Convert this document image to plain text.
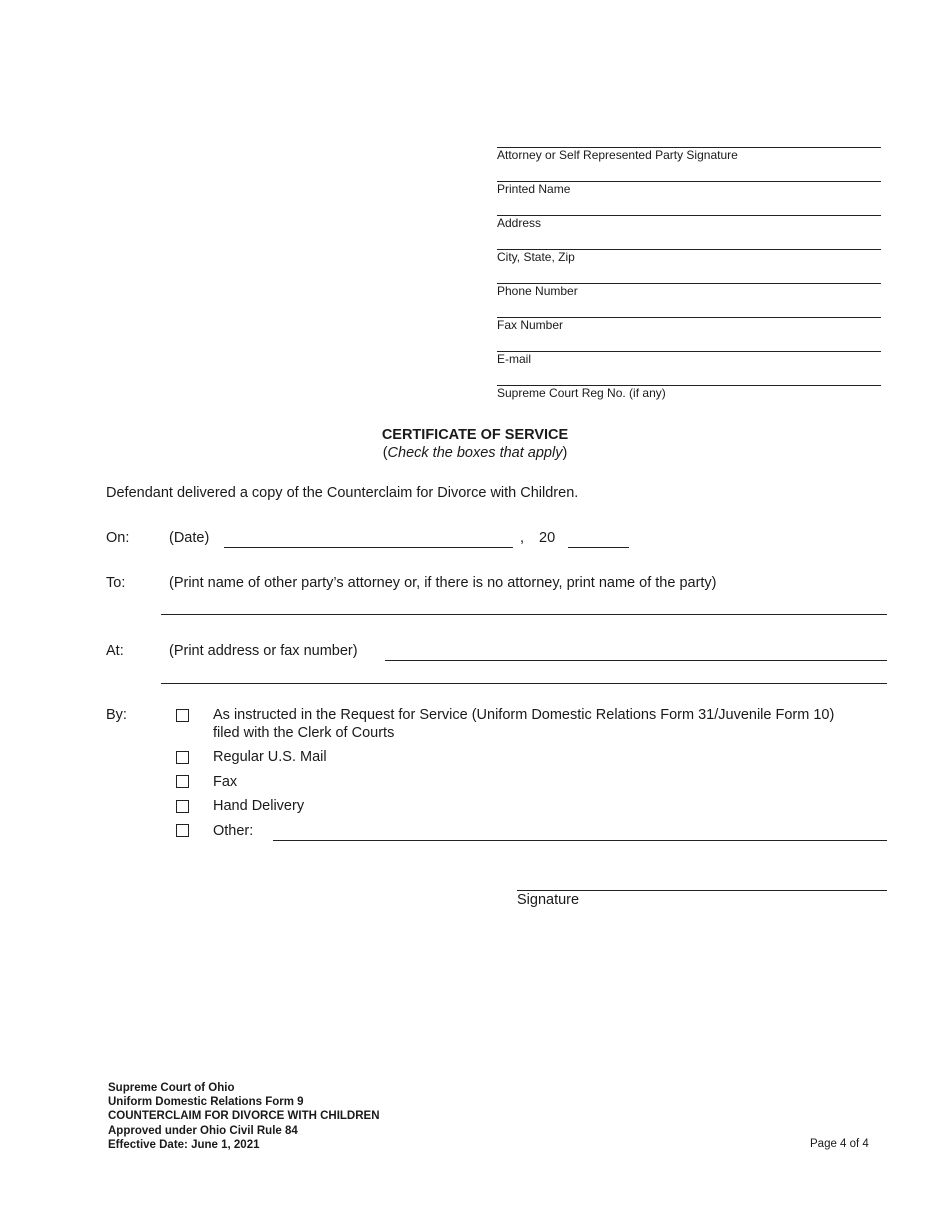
Attorney or Self Represented Party Signature
Printed Name
Address
City, State, Zip
Phone Number
Fax Number
E-mail
Supreme Court Reg No. (if any)
CERTIFICATE OF SERVICE
(Check the boxes that apply)
Defendant delivered a copy of the Counterclaim for Divorce with Children.
On:	(Date)	, 20
To:	(Print name of other party’s attorney or, if there is no attorney, print name of the party)
At:	(Print address or fax number)
By:	As instructed in the Request for Service (Uniform Domestic Relations Form 31/Juvenile Form 10)
filed with the Clerk of Courts
Regular U.S. Mail
Fax
Hand Delivery
Other:
Signature
Supreme Court of Ohio
Uniform Domestic Relations Form 9
COUNTERCLAIM FOR DIVORCE WITH CHILDREN
Approved under Ohio Civil Rule 84
Effective Date: June 1, 2021	Page 4 of 4
